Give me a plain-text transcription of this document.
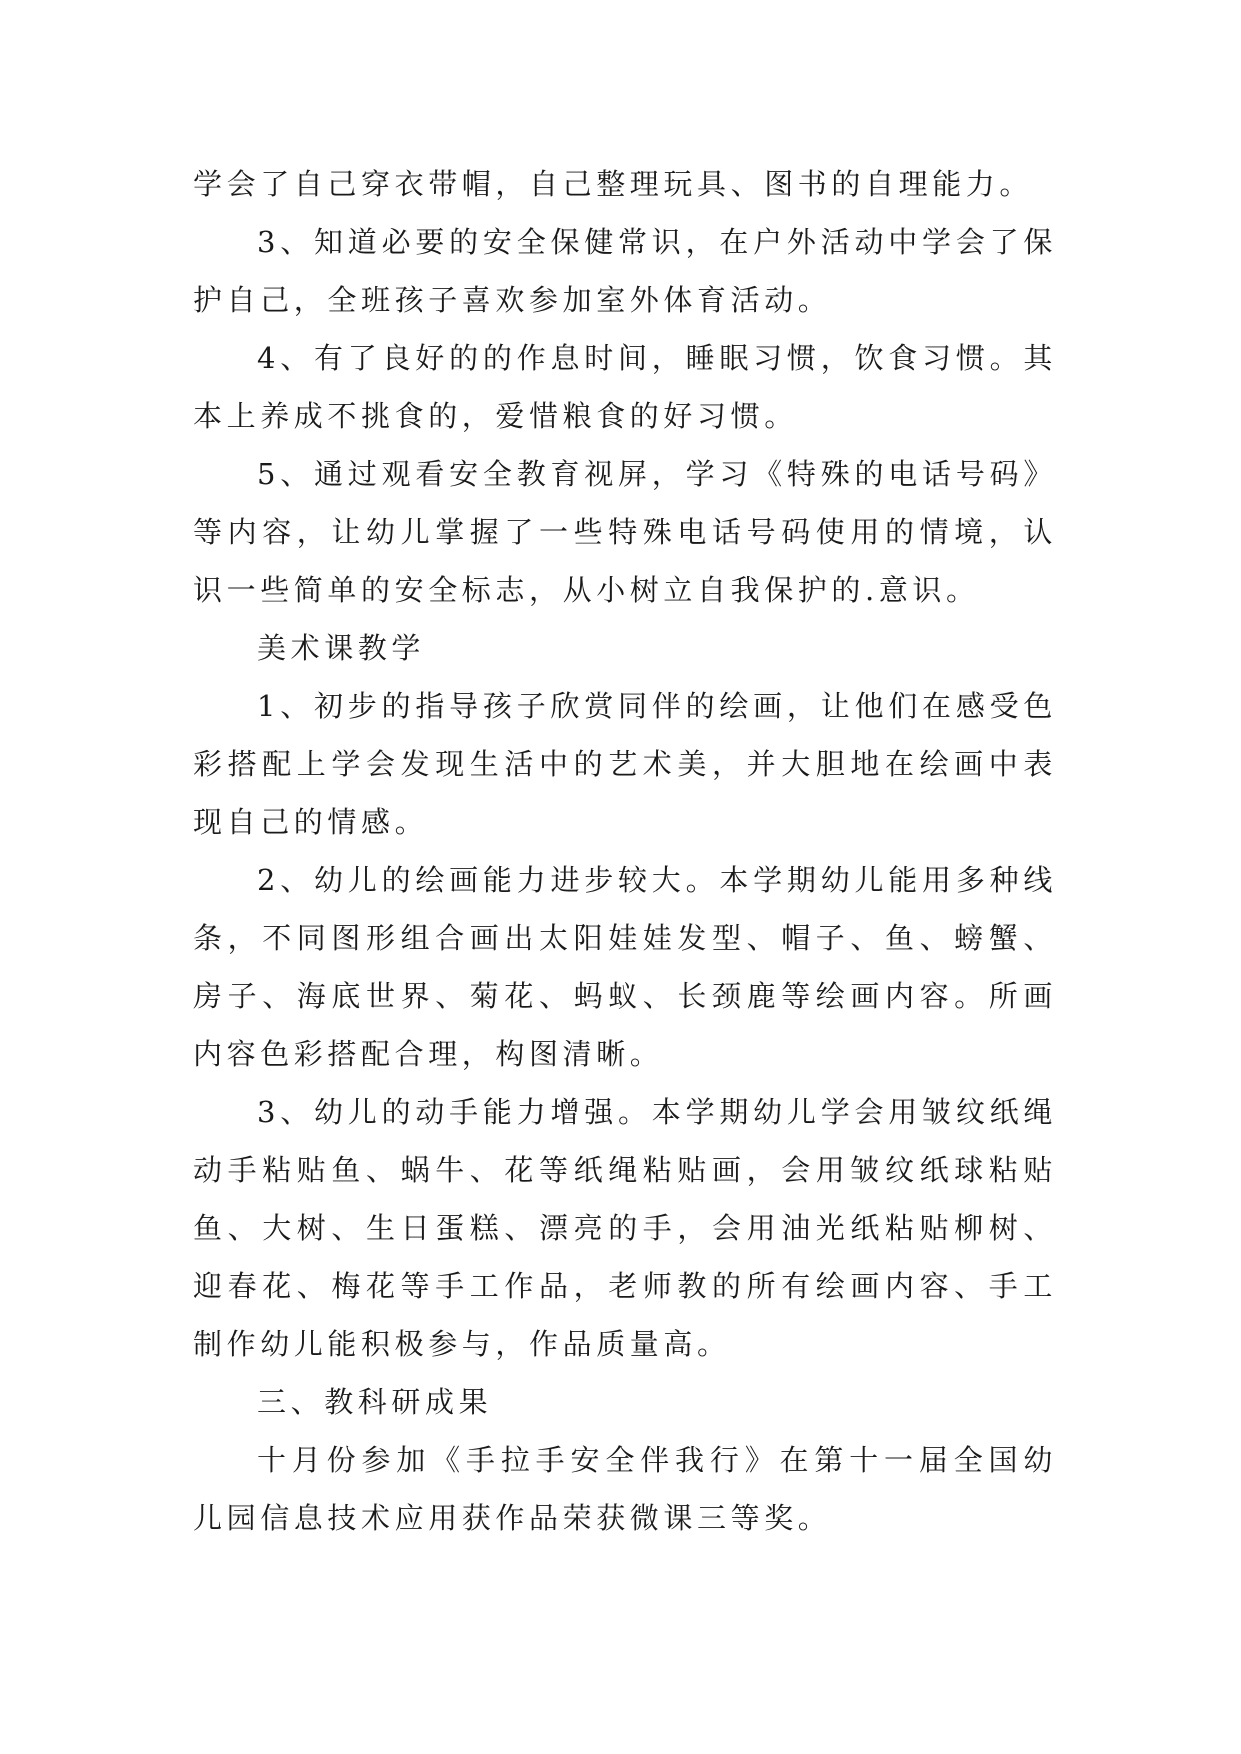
学会了自己穿衣带帽，自己整理玩具、图书的自理能力。

3、知道必要的安全保健常识，在户外活动中学会了保护自己，全班孩子喜欢参加室外体育活动。

4、有了良好的的作息时间，睡眠习惯，饮食习惯。其本上养成不挑食的，爱惜粮食的好习惯。

5、通过观看安全教育视屏，学习《特殊的电话号码》等内容，让幼儿掌握了一些特殊电话号码使用的情境，认识一些简单的安全标志，从小树立自我保护的.意识。

美术课教学

1、初步的指导孩子欣赏同伴的绘画，让他们在感受色彩搭配上学会发现生活中的艺术美，并大胆地在绘画中表现自己的情感。

2、幼儿的绘画能力进步较大。本学期幼儿能用多种线条，不同图形组合画出太阳娃娃发型、帽子、鱼、螃蟹、房子、海底世界、菊花、蚂蚁、长颈鹿等绘画内容。所画内容色彩搭配合理，构图清晰。

3、幼儿的动手能力增强。本学期幼儿学会用皱纹纸绳动手粘贴鱼、蜗牛、花等纸绳粘贴画，会用皱纹纸球粘贴鱼、大树、生日蛋糕、漂亮的手，会用油光纸粘贴柳树、迎春花、梅花等手工作品，老师教的所有绘画内容、手工制作幼儿能积极参与，作品质量高。

三、教科研成果

十月份参加《手拉手安全伴我行》在第十一届全国幼儿园信息技术应用获作品荣获微课三等奖。
